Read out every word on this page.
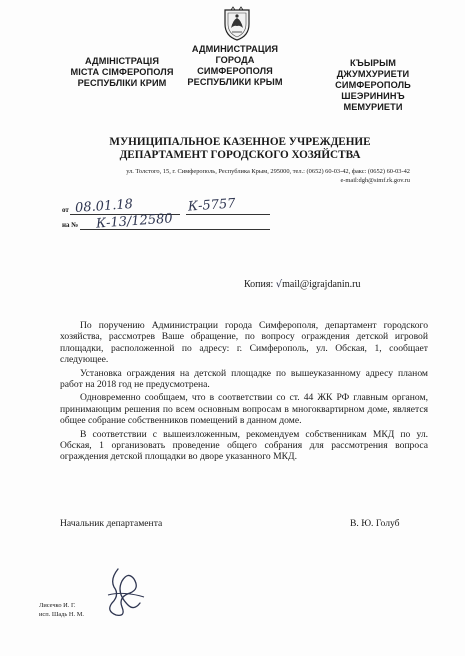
АДМІНІСТРАЦІЯ
МІСТА СІМФЕРОПОЛЯ
РЕСПУБЛІКИ КРИМ
АДМИНИСТРАЦИЯ
ГОРОДА
СИМФЕРОПОЛЯ
РЕСПУБЛИКИ КРЫМ
КЪЫРЫМ
ДЖУМХУРИЕТИ
СИМФЕРОПОЛЬ
ШЕЭРИНИНЪ
МЕМУРИЕТИ
МУНИЦИПАЛЬНОЕ КАЗЕННОЕ УЧРЕЖДЕНИЕ
ДЕПАРТАМЕНТ ГОРОДСКОГО ХОЗЯЙСТВА
ул. Толстого, 15, г. Симферополь, Республика Крым, 295000, тел.: (0652) 60-03-42, факс: (0652) 60-03-42
e-mail:dgh@simf.rk.gov.ru
от 08.01.18	К-5757
на № К-13/12580
Копия: √mail@igrajdanin.ru

По поручению Администрации города Симферополя, департамент городского хозяйства, рассмотрев Ваше обращение, по вопросу ограждения детской игровой площадки, расположенной по адресу: г. Симферополь, ул. Обская, 1, сообщает следующее.

Установка ограждения на детской площадке по вышеуказанному адресу планом работ на 2018 год не предусмотрена.

Одновременно сообщаем, что в соответствии со ст. 44 ЖК РФ главным органом, принимающим решения по всем основным вопросам в многоквартирном доме, является общее собрание собственников помещений в данном доме.

В соответствии с вышеизложенным, рекомендуем собственникам МКД по ул. Обская, 1 организовать проведение общего собрания для рассмотрения вопроса ограждения детской площадки во дворе указанного МКД.

Начальник департамента	В. Ю. Голуб
Лисечко И. Г.
исп. Шадь Н. М.
